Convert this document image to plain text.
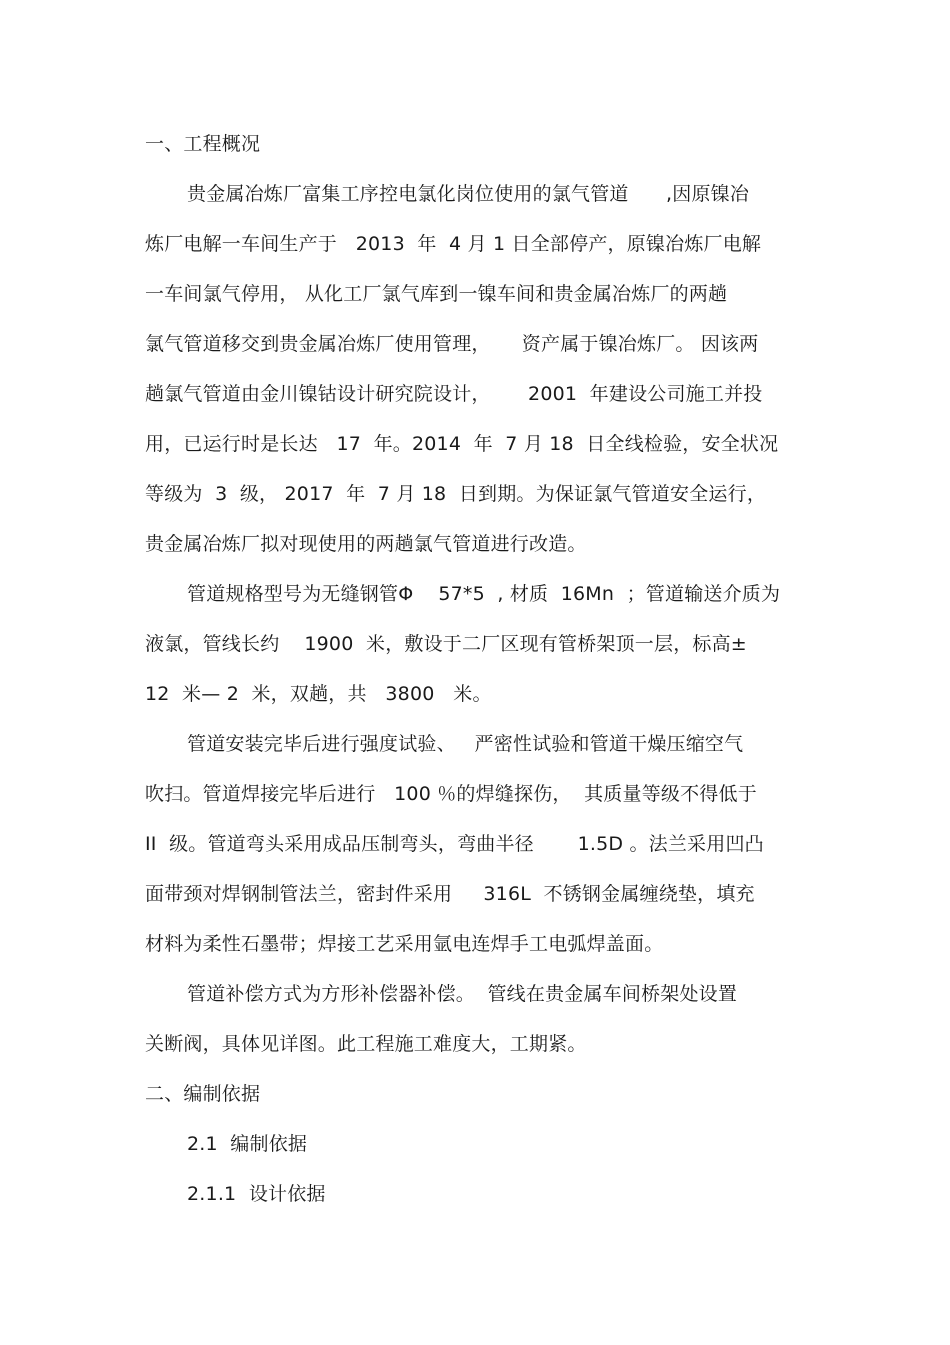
一、工程概况
贵金属冶炼厂富集工序控电氯化岗位使用的氯气管道      ,因原镍冶
炼厂电解一车间生产于   2013  年  4 月 1 日全部停产，原镍冶炼厂电解
一车间氯气停用， 从化工厂氯气库到一镍车间和贵金属冶炼厂的两趟
氯气管道移交到贵金属冶炼厂使用管理，     资产属于镍冶炼厂。 因该两
趟氯气管道由金川镍钴设计研究院设计，      2001  年建设公司施工并投
用，已运行时是长达   17  年。2014  年  7 月 18  日全线检验，安全状况
等级为  3  级， 2017  年  7 月 18  日到期。为保证氯气管道安全运行，
贵金属冶炼厂拟对现使用的两趟氯气管道进行改造。
管道规格型号为无缝钢管Φ    57*5  , 材质  16Mn  ；管道输送介质为
液氯，管线长约    1900  米，敷设于二厂区现有管桥架顶一层，标高±
12  米— 2  米，双趟，共   3800   米。
管道安装完毕后进行强度试验、   严密性试验和管道干燥压缩空气
吹扫。管道焊接完毕后进行   100 ％的焊缝探伤，  其质量等级不得低于
II  级。管道弯头采用成品压制弯头，弯曲半径       1.5D 。法兰采用凹凸
面带颈对焊钢制管法兰，密封件采用     316L  不锈钢金属缠绕垫，填充
材料为柔性石墨带；焊接工艺采用氩电连焊手工电弧焊盖面。
管道补偿方式为方形补偿器补偿。  管线在贵金属车间桥架处设置
关断阀，具体见详图。此工程施工难度大，工期紧。
二、编制依据
2.1  编制依据
2.1.1  设计依据
